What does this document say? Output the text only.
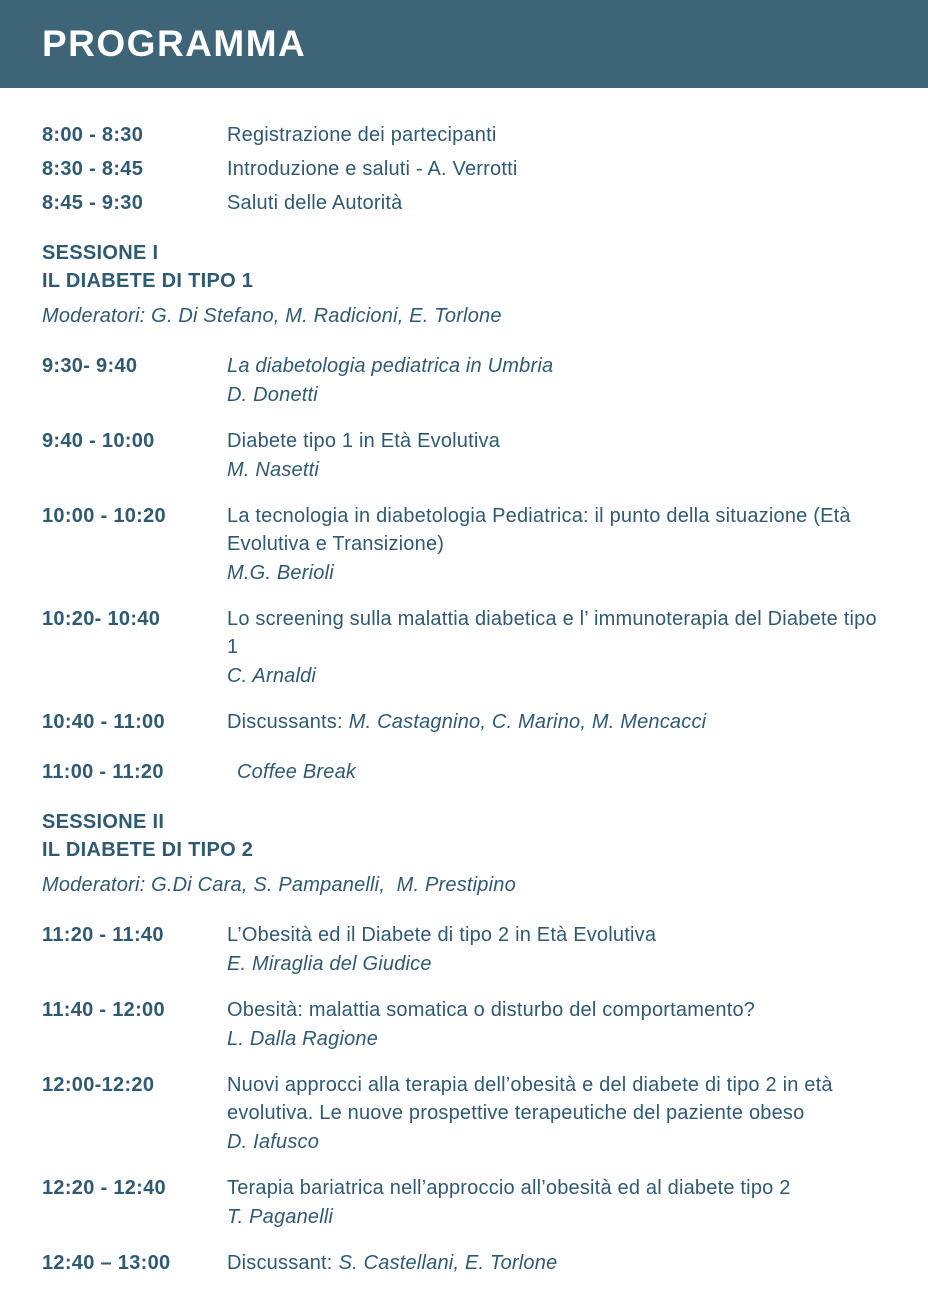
PROGRAMMA
8:00 - 8:30	Registrazione dei partecipanti
8:30 - 8:45	Introduzione e saluti - A. Verrotti
8:45 - 9:30	Saluti delle Autorità
SESSIONE I
IL DIABETE DI TIPO 1
Moderatori: G. Di Stefano, M. Radicioni, E. Torlone
9:30- 9:40	La diabetologia pediatrica in Umbria
D. Donetti
9:40 - 10:00	Diabete tipo 1 in Età Evolutiva
M. Nasetti
10:00 - 10:20	La tecnologia in diabetologia Pediatrica: il punto della situazione (Età Evolutiva e Transizione)
M.G. Berioli
10:20- 10:40	Lo screening sulla malattia diabetica e l’ immunoterapia del Diabete tipo 1
C. Arnaldi
10:40 - 11:00	Discussants: M. Castagnino, C. Marino, M. Mencacci
11:00 - 11:20	Coffee Break
SESSIONE II
IL DIABETE DI TIPO 2
Moderatori: G.Di Cara, S. Pampanelli,  M. Prestipino
11:20 - 11:40	L’Obesità ed il Diabete di tipo 2 in Età Evolutiva
E. Miraglia del Giudice
11:40 - 12:00	Obesità: malattia somatica o disturbo del comportamento?
L. Dalla Ragione
12:00-12:20	Nuovi approcci alla terapia dell’obesità e del diabete di tipo 2 in età evolutiva. Le nuove prospettive terapeutiche del paziente obeso
D. Iafusco
12:20 - 12:40	Terapia bariatrica nell’approccio all’obesità ed al diabete tipo 2
T. Paganelli
12:40 – 13:00	Discussant: S. Castellani, E. Torlone
